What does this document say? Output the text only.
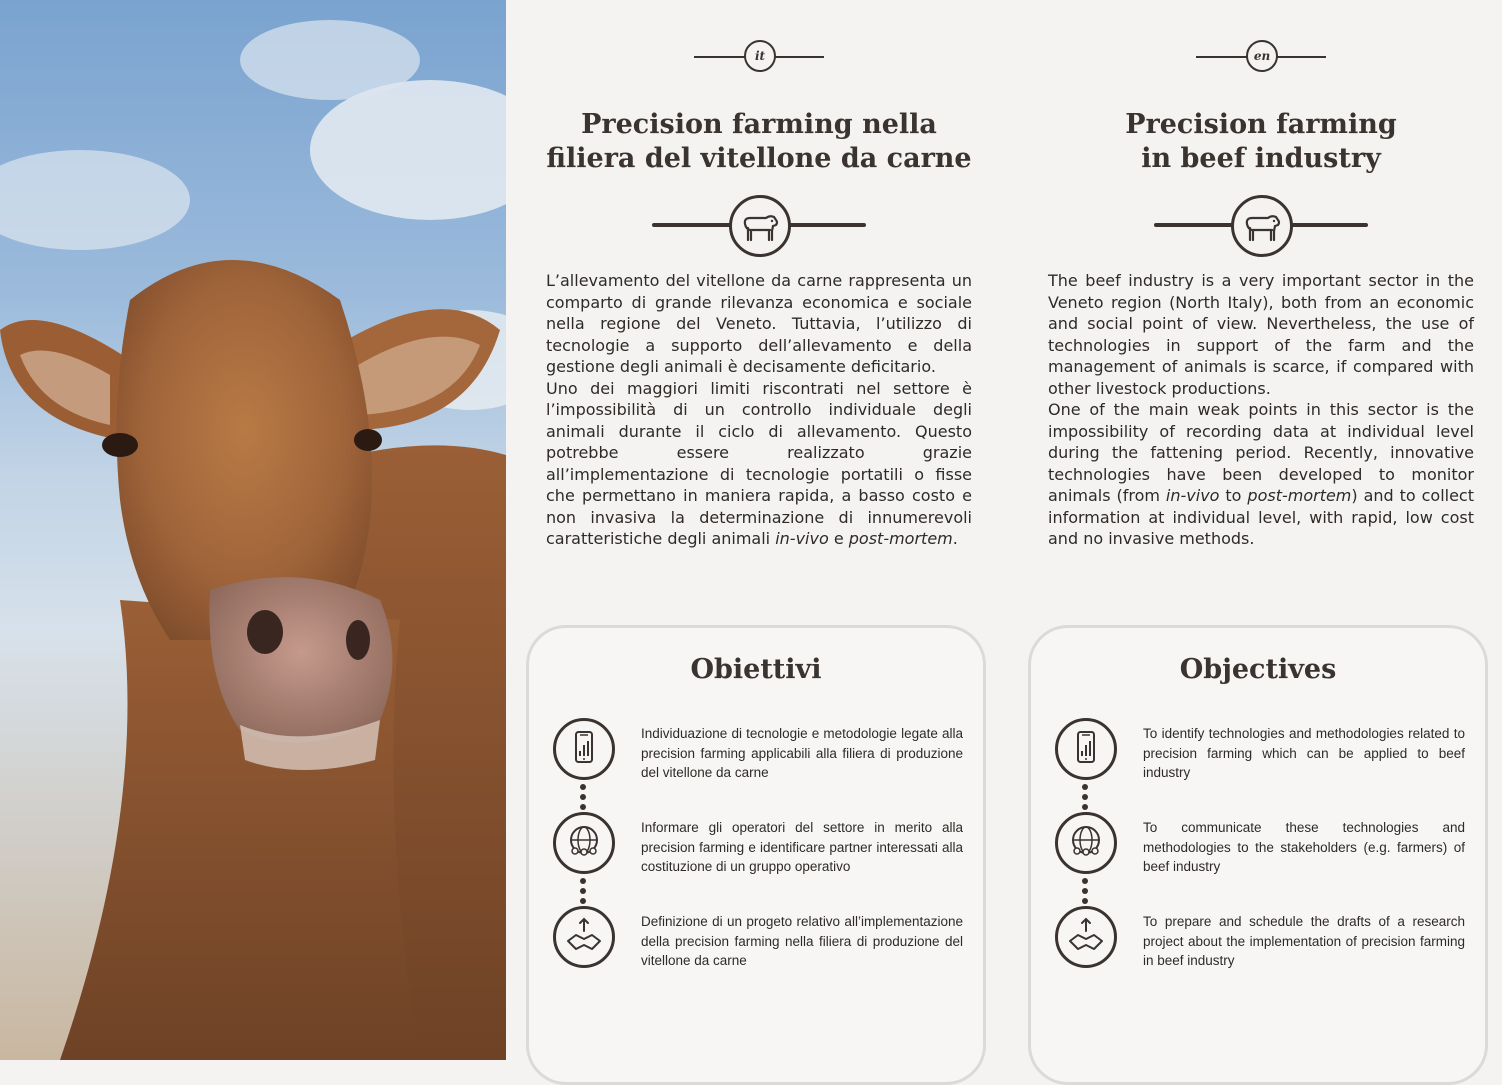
it
Precision farming nella
filiera del vitellone da carne

L’allevamento del vitellone da carne rappresenta un comparto di grande rilevanza economica e sociale nella regione del Veneto. Tuttavia, l’utilizzo di tecnologie a supporto dell’allevamento e della gestione degli animali è decisamente deficitario.

Uno dei maggiori limiti riscontrati nel settore è l’impossibilità di un controllo individuale degli animali durante il ciclo di allevamento. Questo potrebbe essere realizzato grazie all’implementazione di tecnologie portatili o fisse che permettano in maniera rapida, a basso costo e non invasiva la determinazione di innumerevoli caratteristiche degli animali in-vivo e post-mortem.

Obiettivi

Individuazione di tecnologie e metodologie legate alla precision farming applicabili alla filiera di produzione del vitellone da carne

Informare gli operatori del settore in merito alla precision farming e identificare partner interessati alla costituzione di un gruppo operativo

Definizione di un progeto relativo all’implementazione della precision farming nella filiera di produzione del vitellone da carne

en
Precision farming
in beef industry

The beef industry is a very important sector in the Veneto region (North Italy), both from an economic and social point of view. Nevertheless, the use of technologies in support of the farm and the management of animals is scarce, if compared with other livestock productions.

One of the main weak points in this sector is the impossibility of recording data at individual level during the fattening period. Recently, innovative technologies have been developed to monitor animals (from in-vivo to post-mortem) and to collect information at individual level, with rapid, low cost and no invasive methods.

Objectives

To identify technologies and methodologies related to precision farming which can be applied to beef industry

To communicate these technologies and methodologies to the stakeholders (e.g. farmers) of beef industry

To prepare and schedule the drafts of a research project about the implementation of precision farming in beef industry
